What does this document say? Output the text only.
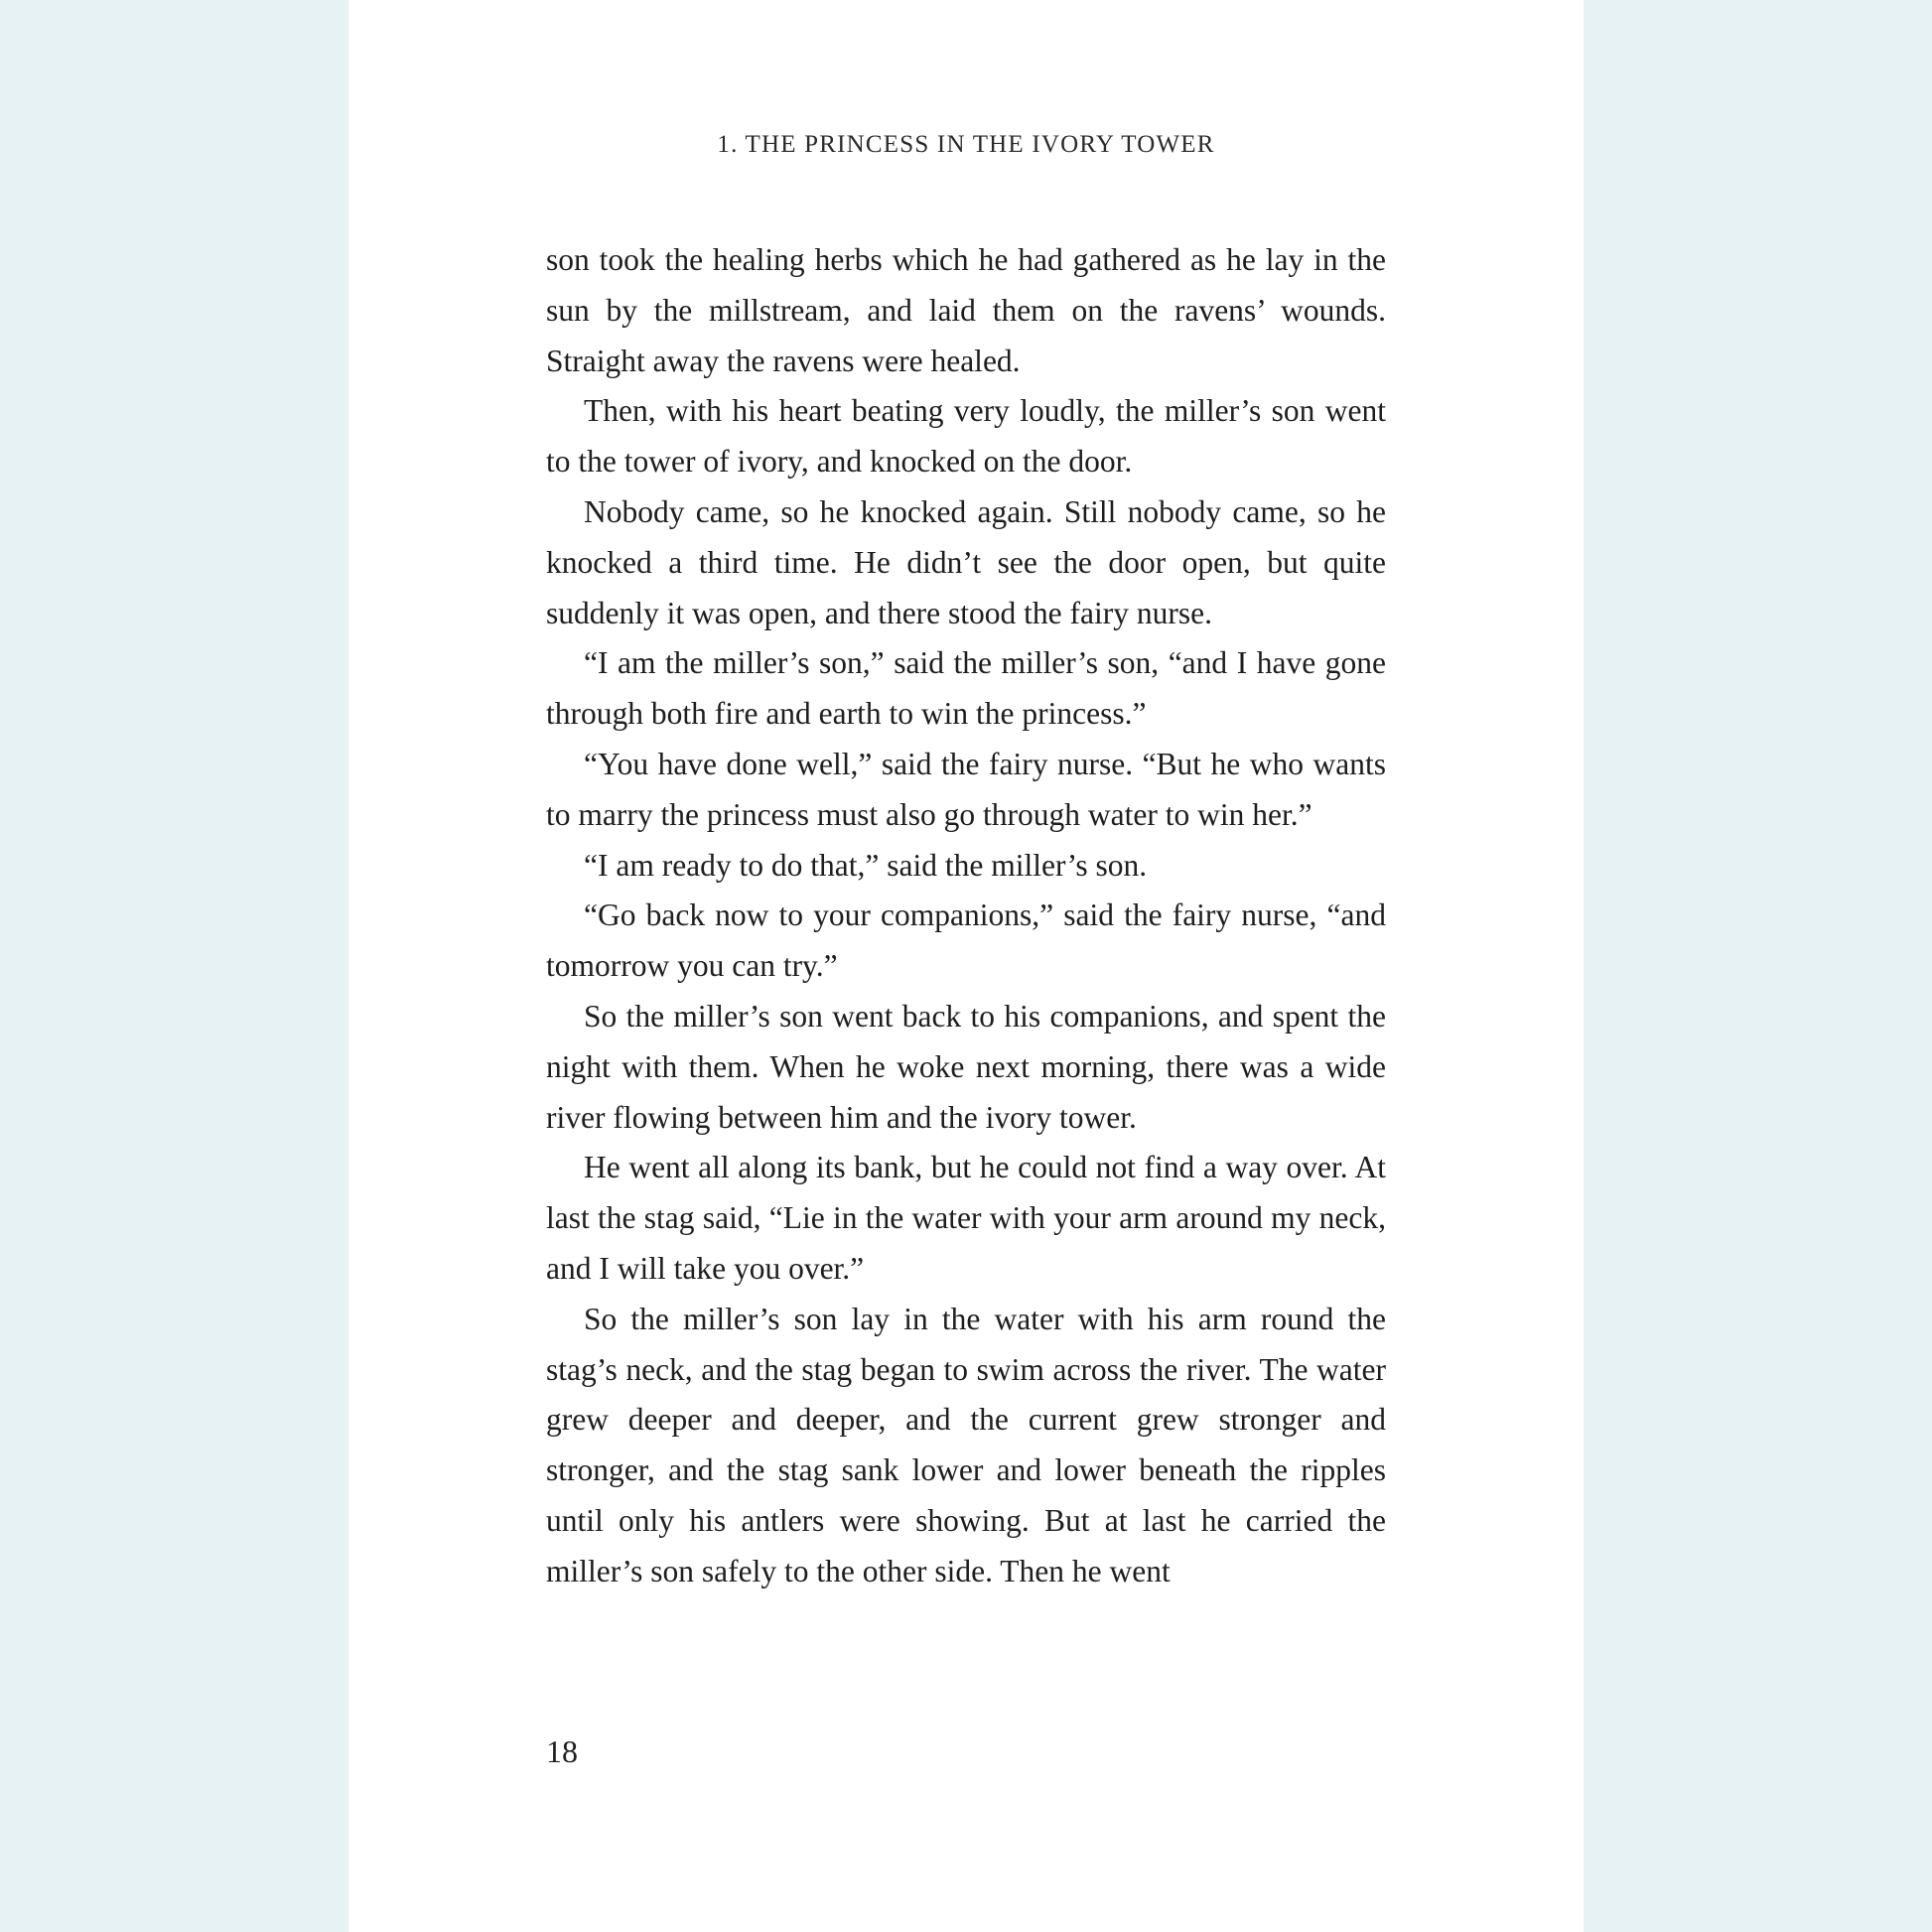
1. THE PRINCESS IN THE IVORY TOWER

son took the healing herbs which he had gathered as he lay in the sun by the millstream, and laid them on the ravens’ wounds. Straight away the ravens were healed.

Then, with his heart beating very loudly, the miller’s son went to the tower of ivory, and knocked on the door.

Nobody came, so he knocked again. Still nobody came, so he knocked a third time. He didn’t see the door open, but quite suddenly it was open, and there stood the fairy nurse.

“I am the miller’s son,” said the miller’s son, “and I have gone through both fire and earth to win the princess.”

“You have done well,” said the fairy nurse. “But he who wants to marry the princess must also go through water to win her.”

“I am ready to do that,” said the miller’s son.

“Go back now to your companions,” said the fairy nurse, “and tomorrow you can try.”

So the miller’s son went back to his companions, and spent the night with them. When he woke next morning, there was a wide river flowing between him and the ivory tower.

He went all along its bank, but he could not find a way over. At last the stag said, “Lie in the water with your arm around my neck, and I will take you over.”

So the miller’s son lay in the water with his arm round the stag’s neck, and the stag began to swim across the river. The water grew deeper and deeper, and the current grew stronger and stronger, and the stag sank lower and lower beneath the ripples until only his antlers were showing. But at last he carried the miller’s son safely to the other side. Then he went

18
